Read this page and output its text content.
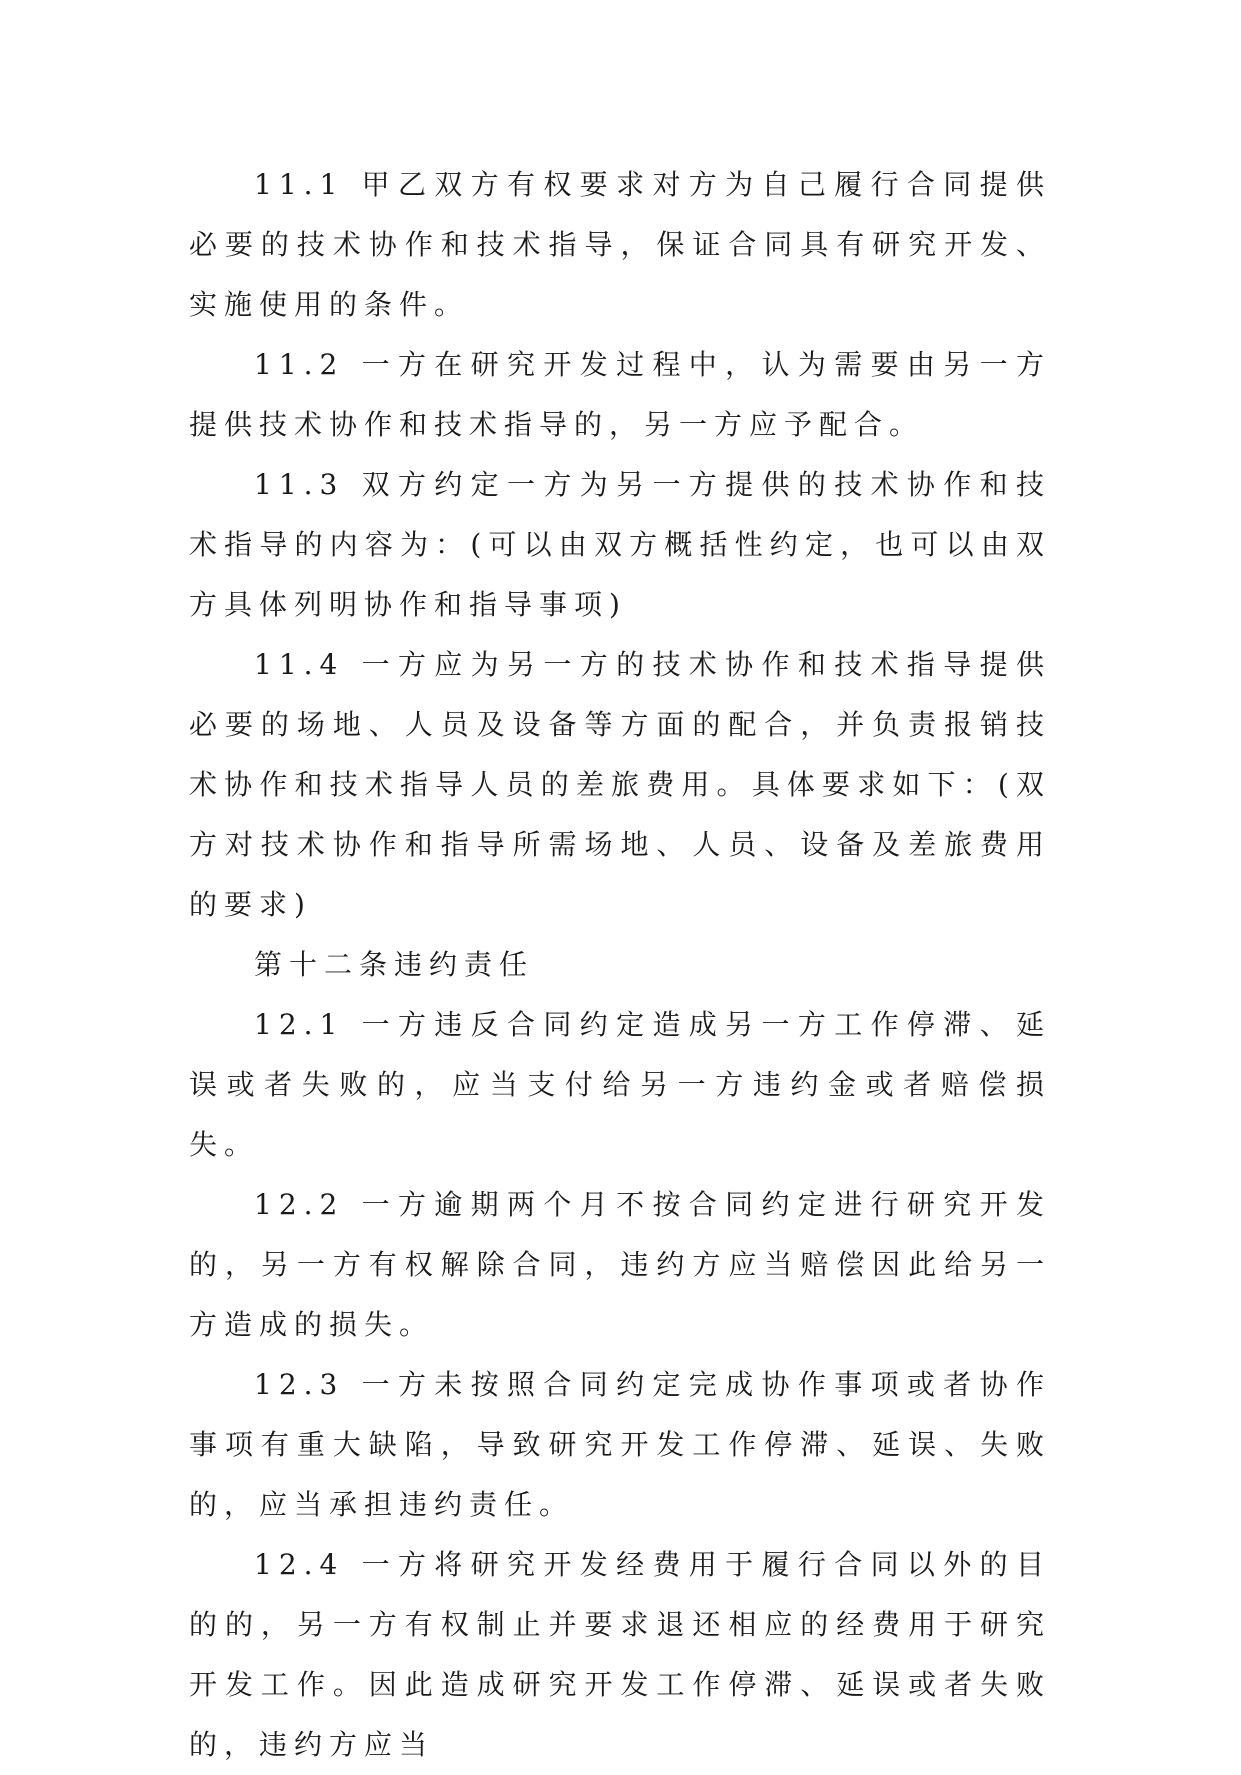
11.1 甲乙双方有权要求对方为自己履行合同提供必要的技术协作和技术指导，保证合同具有研究开发、实施使用的条件。

11.2 一方在研究开发过程中，认为需要由另一方提供技术协作和技术指导的，另一方应予配合。

11.3 双方约定一方为另一方提供的技术协作和技术指导的内容为：(可以由双方概括性约定，也可以由双方具体列明协作和指导事项)

11.4 一方应为另一方的技术协作和技术指导提供必要的场地、人员及设备等方面的配合，并负责报销技术协作和技术指导人员的差旅费用。具体要求如下：(双方对技术协作和指导所需场地、人员、设备及差旅费用的要求)

第十二条违约责任

12.1 一方违反合同约定造成另一方工作停滞、延误或者失败的，应当支付给另一方违约金或者赔偿损失。

12.2 一方逾期两个月不按合同约定进行研究开发的，另一方有权解除合同，违约方应当赔偿因此给另一方造成的损失。

12.3 一方未按照合同约定完成协作事项或者协作事项有重大缺陷，导致研究开发工作停滞、延误、失败的，应当承担违约责任。

12.4 一方将研究开发经费用于履行合同以外的目的的，另一方有权制止并要求退还相应的经费用于研究开发工作。因此造成研究开发工作停滞、延误或者失败的，违约方应当
